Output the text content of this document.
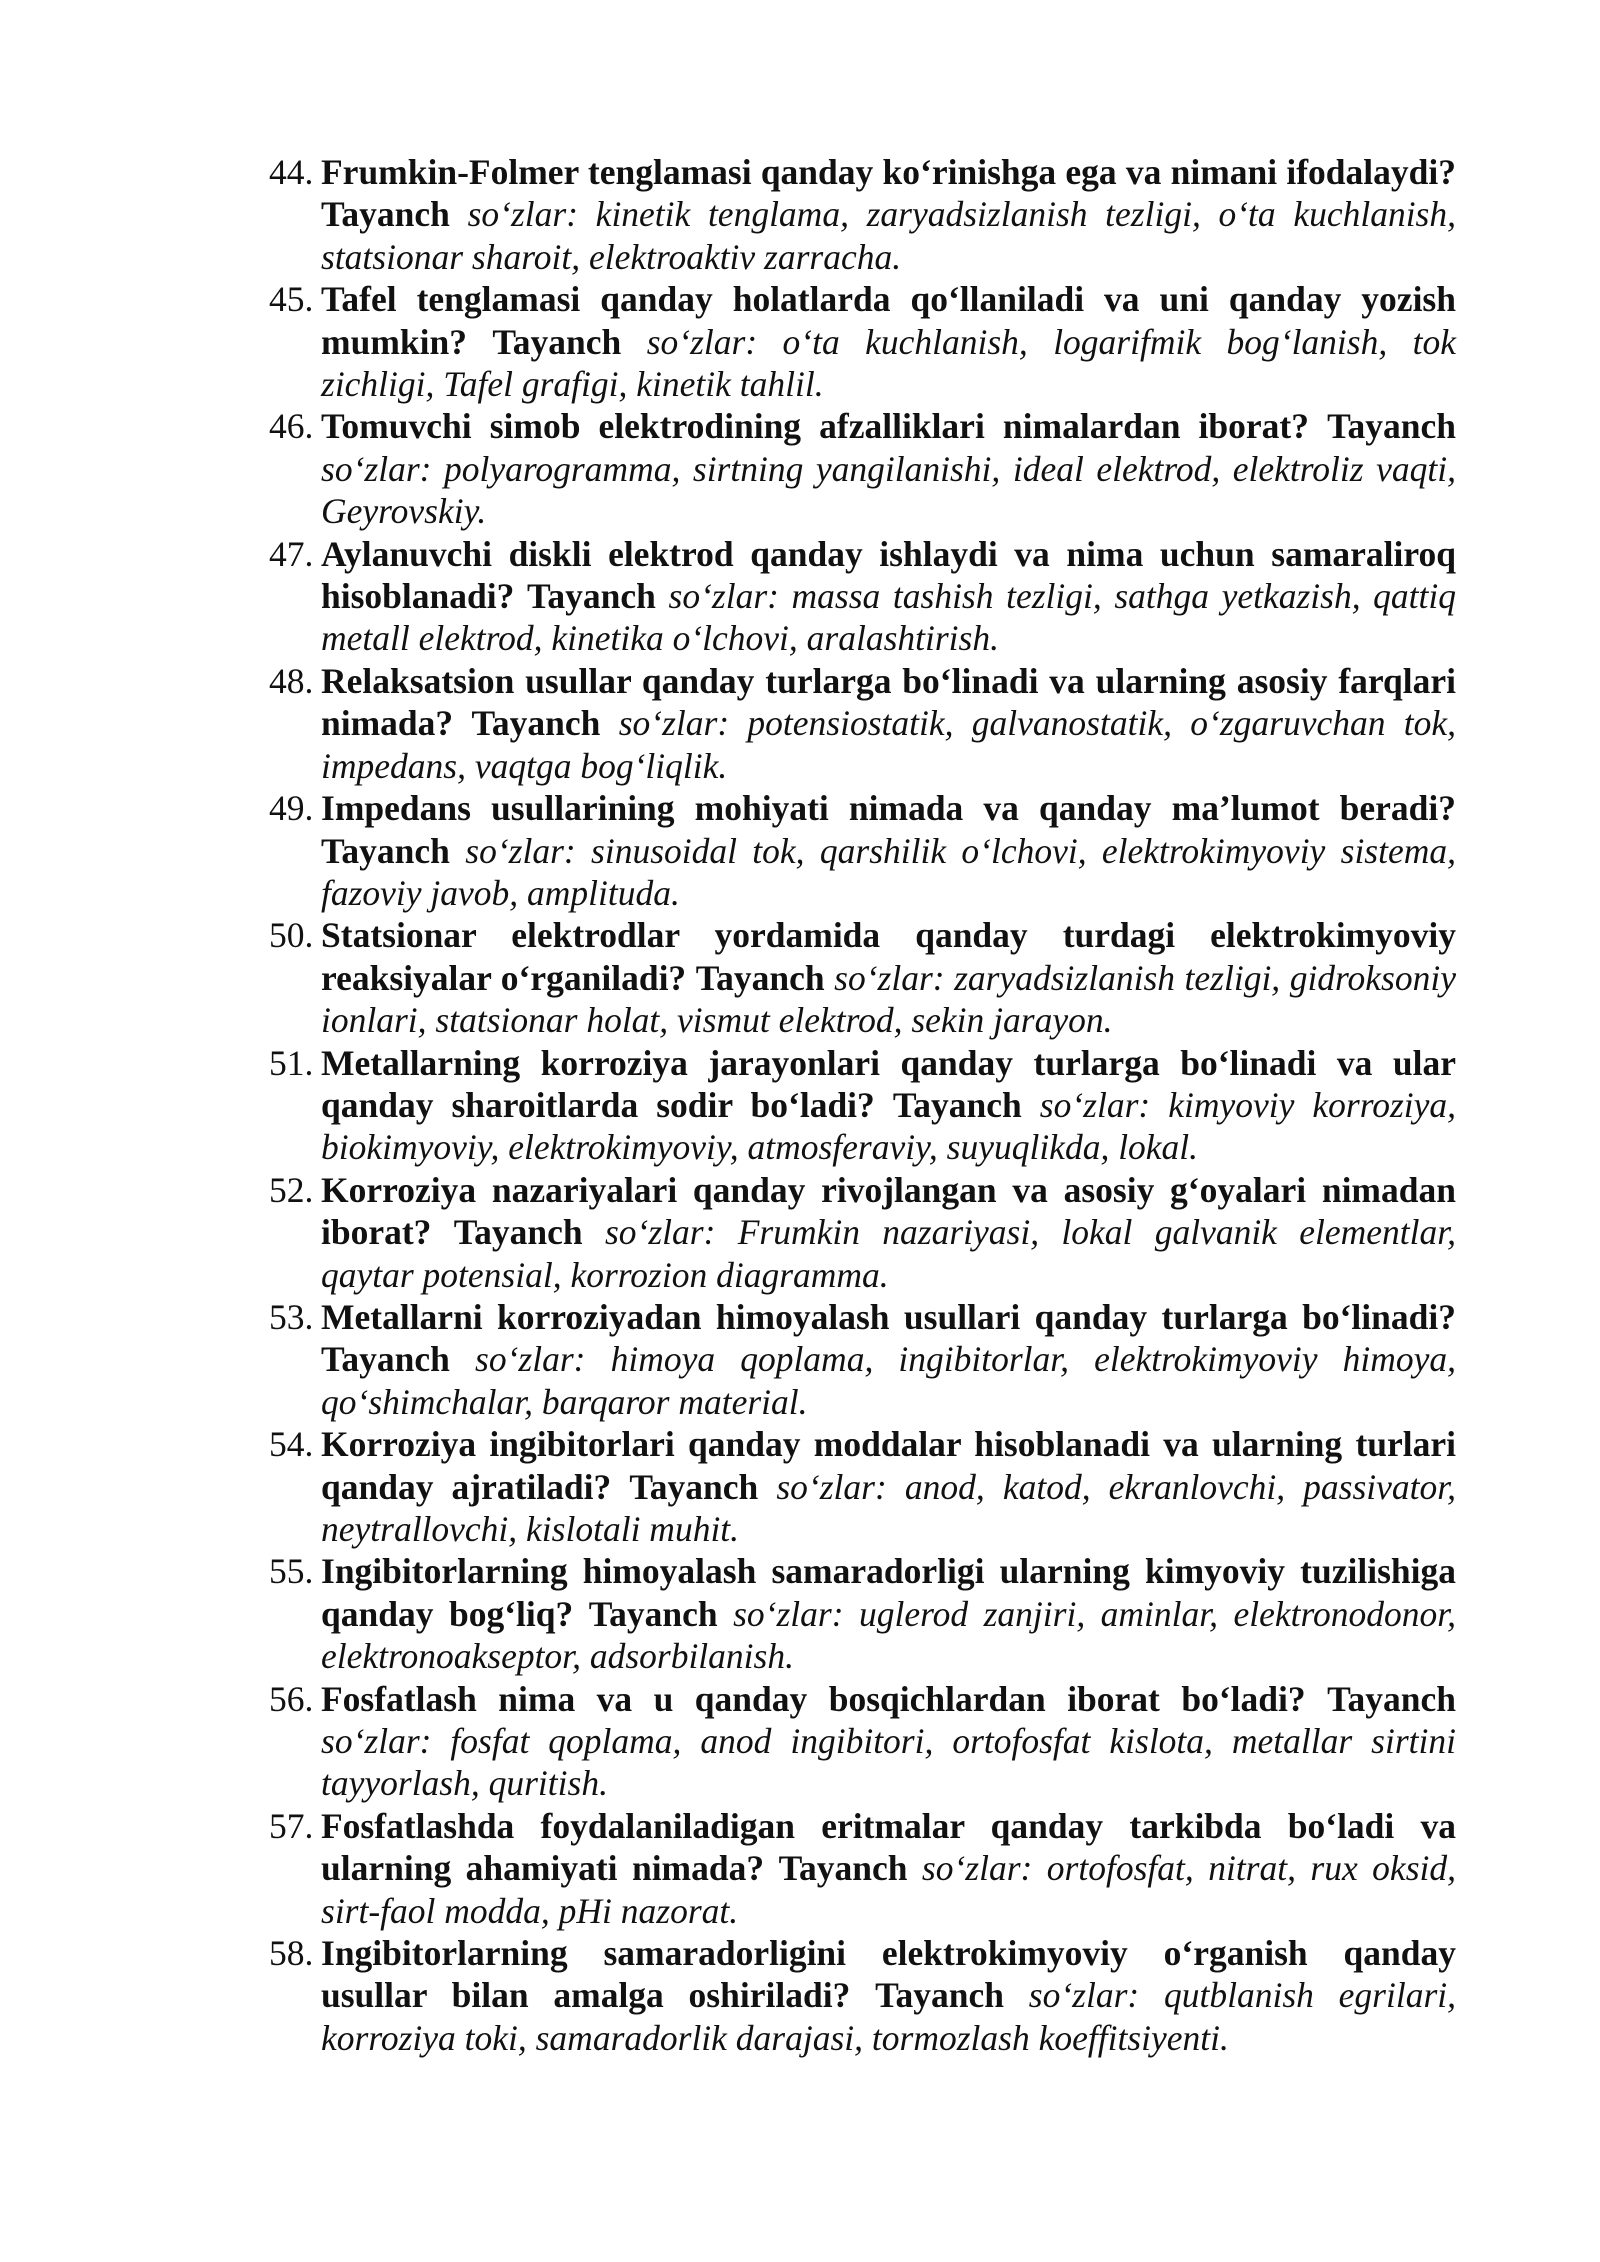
44. Frumkin-Folmer tenglamasi qanday ko‘rinishga ega va nimani ifodalaydi? Tayanch so‘zlar: kinetik tenglama, zaryadsizlanish tezligi, o‘ta kuchlanish, statsionar sharoit, elektroaktiv zarracha.
45. Tafel tenglamasi qanday holatlarda qo‘llaniladi va uni qanday yozish mumkin? Tayanch so‘zlar: o‘ta kuchlanish, logarifmik bog‘lanish, tok zichligi, Tafel grafigi, kinetik tahlil.
46. Tomuvchi simob elektrodining afzalliklari nimalardan iborat? Tayanch so‘zlar: polyarogramma, sirtning yangilanishi, ideal elektrod, elektroliz vaqti, Geyrovskiy.
47. Aylanuvchi diskli elektrod qanday ishlaydi va nima uchun samaraliroq hisoblanadi? Tayanch so‘zlar: massa tashish tezligi, sathga yetkazish, qattiq metall elektrod, kinetika o‘lchovi, aralashtirish.
48. Relaksatsion usullar qanday turlarga bo‘linadi va ularning asosiy farqlari nimada? Tayanch so‘zlar: potensiostatik, galvanostatik, o‘zgaruvchan tok, impedans, vaqtga bog‘liqlik.
49. Impedans usullarining mohiyati nimada va qanday ma’lumot beradi? Tayanch so‘zlar: sinusoidal tok, qarshilik o‘lchovi, elektrokimyoviy sistema, fazoviy javob, amplituda.
50. Statsionar elektrodlar yordamida qanday turdagi elektrokimyoviy reaksiyalar o‘rganiladi? Tayanch so‘zlar: zaryadsizlanish tezligi, gidroksoniy ionlari, statsionar holat, vismut elektrod, sekin jarayon.
51. Metallarning korroziya jarayonlari qanday turlarga bo‘linadi va ular qanday sharoitlarda sodir bo‘ladi? Tayanch so‘zlar: kimyoviy korroziya, biokimyoviy, elektrokimyoviy, atmosferaviy, suyuqlikda, lokal.
52. Korroziya nazariyalari qanday rivojlangan va asosiy g‘oyalari nimadan iborat? Tayanch so‘zlar: Frumkin nazariyasi, lokal galvanik elementlar, qaytar potensial, korrozion diagramma.
53. Metallarni korroziyadan himoyalash usullari qanday turlarga bo‘linadi? Tayanch so‘zlar: himoya qoplama, ingibitorlar, elektrokimyoviy himoya, qo‘shimchalar, barqaror material.
54. Korroziya ingibitorlari qanday moddalar hisoblanadi va ularning turlari qanday ajratiladi? Tayanch so‘zlar: anod, katod, ekranlovchi, passivator, neytrallovchi, kislotali muhit.
55. Ingibitorlarning himoyalash samaradorligi ularning kimyoviy tuzilishiga qanday bog‘liq? Tayanch so‘zlar: uglerod zanjiri, aminlar, elektronodonor, elektronoakseptor, adsorbilanish.
56. Fosfatlash nima va u qanday bosqichlardan iborat bo‘ladi? Tayanch so‘zlar: fosfat qoplama, anod ingibitori, ortofosfat kislota, metallar sirtini tayyorlash, quritish.
57. Fosfatlashda foydalaniladigan eritmalar qanday tarkibda bo‘ladi va ularning ahamiyati nimada? Tayanch so‘zlar: ortofosfat, nitrat, rux oksid, sirt-faol modda, pHi nazorat.
58. Ingibitorlarning samaradorligini elektrokimyoviy o‘rganish qanday usullar bilan amalga oshiriladi? Tayanch so‘zlar: qutblanish egrilari, korroziya toki, samaradorlik darajasi, tormozlash koeffitsiyenti.
